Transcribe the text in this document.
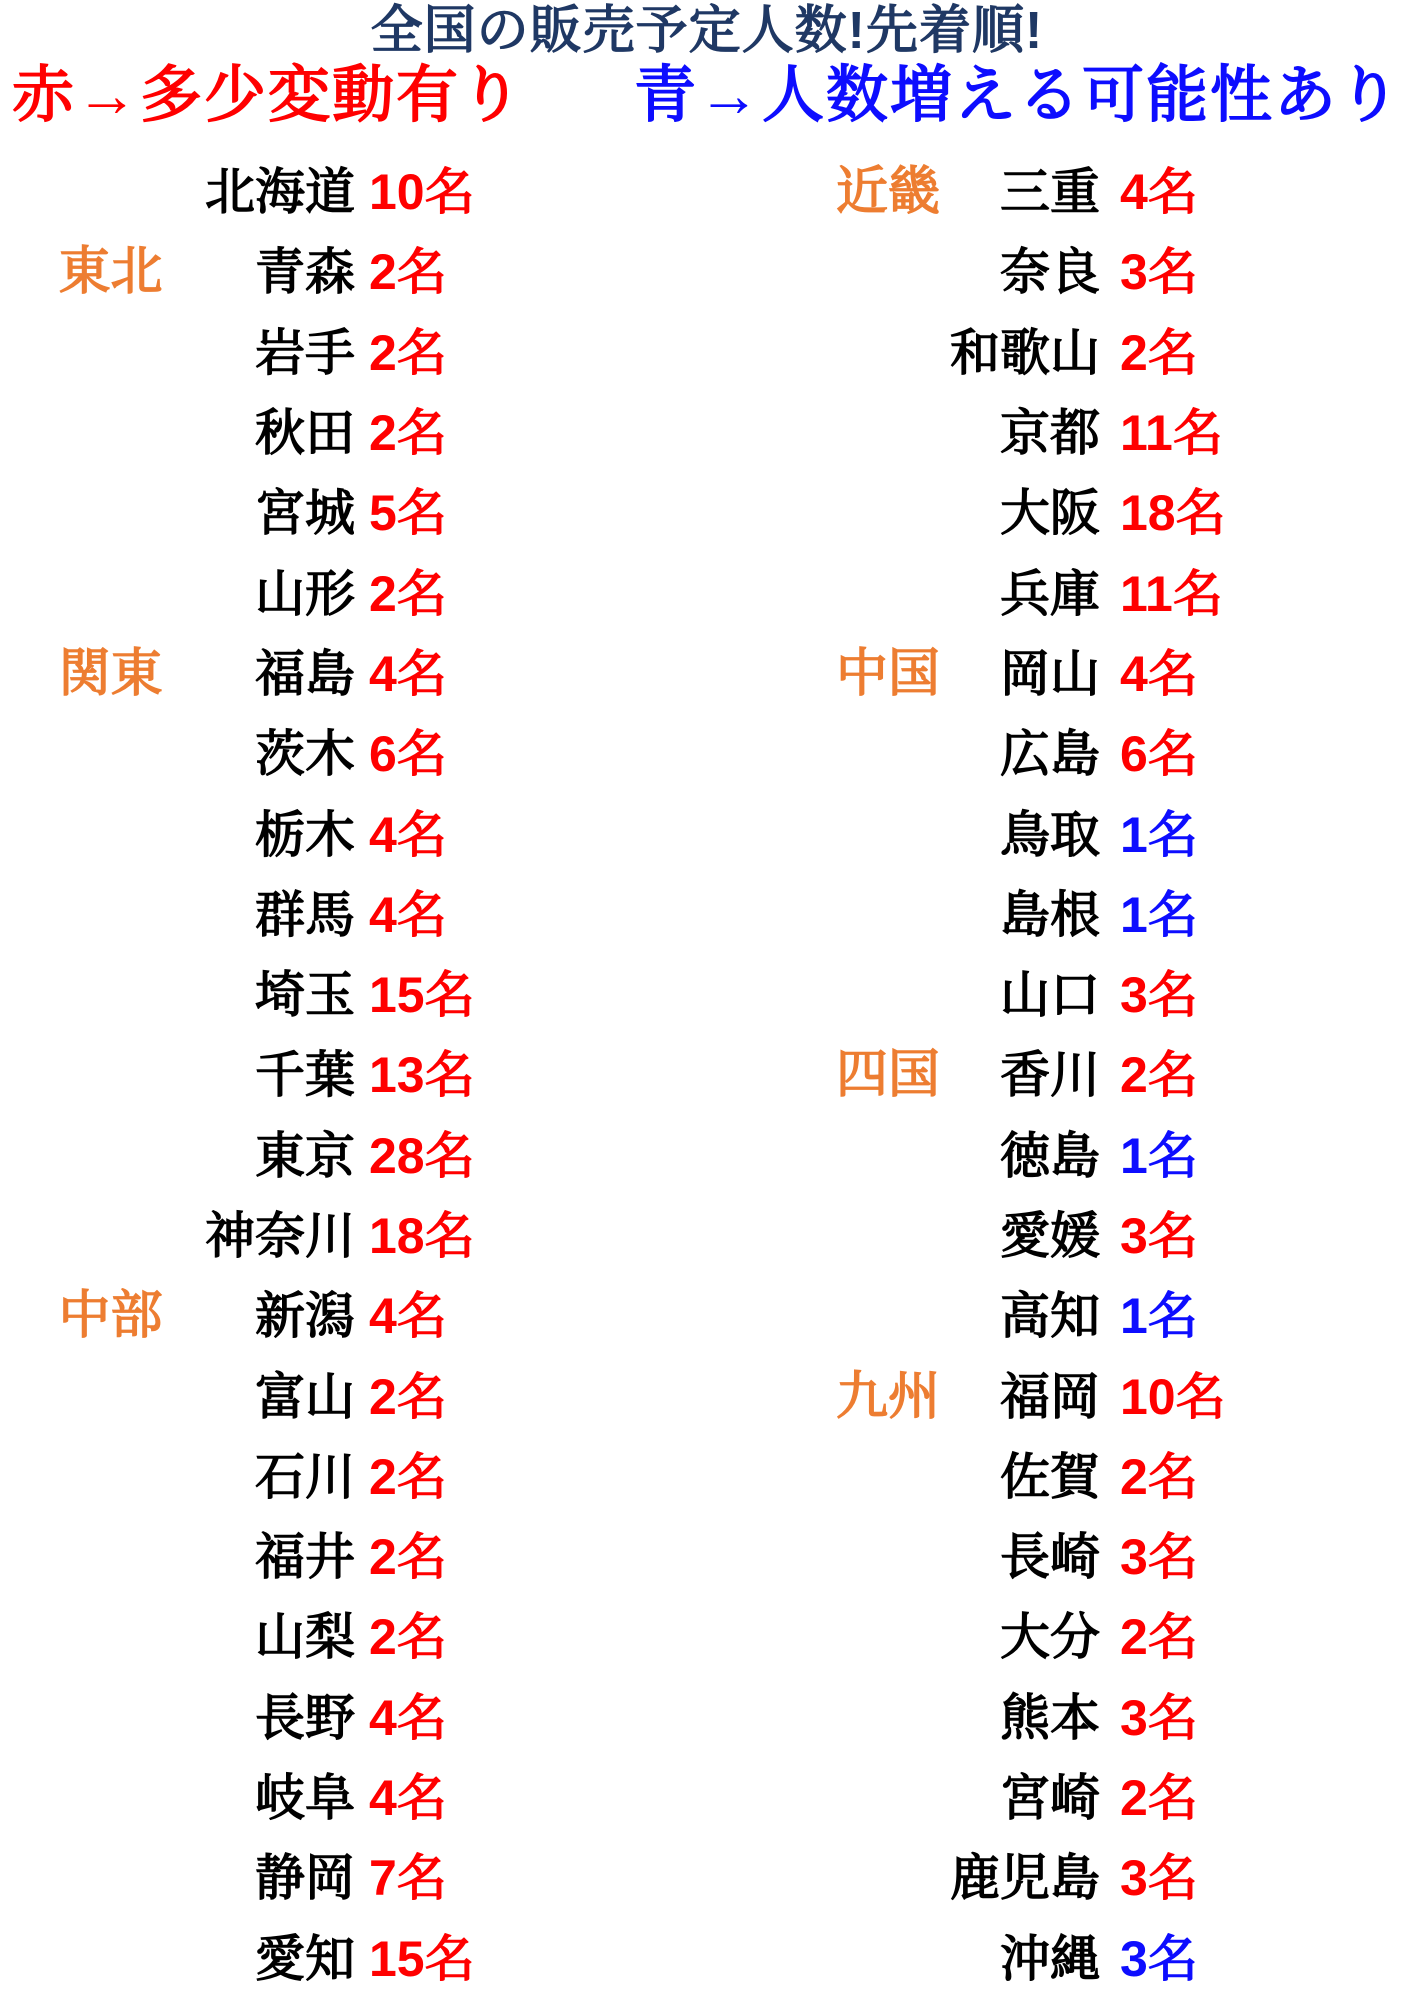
全国の販売予定人数!先着順!
赤→多少変動有り 青→人数増える可能性あり
北海道 10名
東北	青森 2名
岩手 2名
秋田 2名
宮城 5名
山形 2名
関東	福島 4名
茨木 6名
栃木 4名
群馬 4名
埼玉 15名
千葉 13名
東京 28名
神奈川 18名
中部	新潟 4名
富山 2名
石川 2名
福井 2名
山梨 2名
長野 4名
岐阜 4名
静岡 7名
愛知 15名
近畿	三重 4名
奈良 3名
和歌山 2名
京都 11名
大阪 18名
兵庫 11名
中国	岡山 4名
広島 6名
鳥取 1名
島根 1名
山口 3名
四国	香川 2名
徳島 1名
愛媛 3名
高知 1名
九州	福岡 10名
佐賀 2名
長崎 3名
大分 2名
熊本 3名
宮崎 2名
鹿児島 3名
沖縄 3名
